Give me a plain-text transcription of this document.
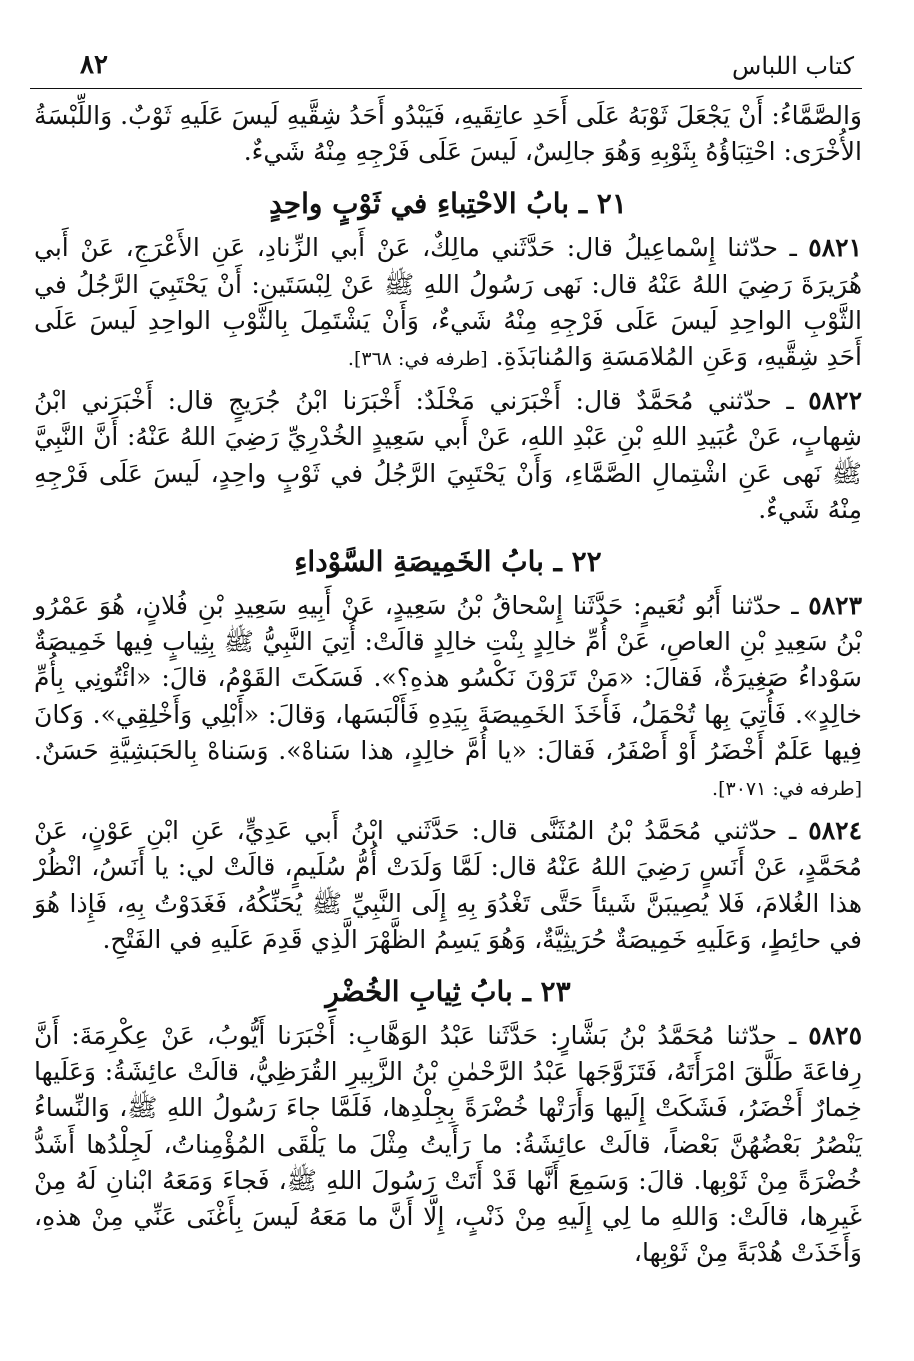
٨٢	كتاب اللباس

وَالصَّمَّاءُ: أَنْ يَجْعَلَ ثَوْبَهُ عَلَى أَحَدِ عاتِقَيهِ، فَيَبْدُو أَحَدُ شِقَّيهِ لَيسَ عَلَيهِ ثَوْبٌ. وَاللِّبْسَةُ الأُخْرَى: احْتِبَاؤُهُ بِثَوْبِهِ وَهُوَ جالِسٌ، لَيسَ عَلَى فَرْجِهِ مِنْهُ شَيءٌ.

٢١ ـ بابُ الاحْتِباءِ في ثَوْبٍ واحِدٍ

٥٨٢١ ـ حدّثنا إِسْماعِيلُ قال: حَدَّثَني مالِكٌ، عَنْ أَبي الزِّنادِ، عَنِ الأَعْرَجِ، عَنْ أَبي هُرَيرَةَ رَضِيَ اللهُ عَنْهُ قال: نَهى رَسُولُ اللهِ ﷺ عَنْ لِبْسَتَينِ: أَنْ يَحْتَبِيَ الرَّجُلُ في الثَّوْبِ الواحِدِ لَيسَ عَلَى فَرْجِهِ مِنْهُ شَيءٌ، وَأَنْ يَشْتَمِلَ بِالثَّوْبِ الواحِدِ لَيسَ عَلَى أَحَدِ شِقَّيهِ، وَعَنِ المُلامَسَةِ وَالمُنابَذَةِ. [طرفه في: ٣٦٨].

٥٨٢٢ ـ حدّثني مُحَمَّدٌ قال: أَخْبَرَني مَخْلَدٌ: أَخْبَرَنا ابْنُ جُرَيجٍ قال: أَخْبَرَني ابْنُ شِهابٍ، عَنْ عُبَيدِ اللهِ بْنِ عَبْدِ اللهِ، عَنْ أَبي سَعِيدٍ الخُدْرِيِّ رَضِيَ اللهُ عَنْهُ: أَنَّ النَّبِيَّ ﷺ نَهى عَنِ اشْتِمالِ الصَّمَّاءِ، وَأَنْ يَحْتَبِيَ الرَّجُلُ في ثَوْبٍ واحِدٍ، لَيسَ عَلَى فَرْجِهِ مِنْهُ شَيءٌ.

٢٢ ـ بابُ الخَمِيصَةِ السَّوْداءِ

٥٨٢٣ ـ حدّثنا أَبُو نُعَيمٍ: حَدَّثَنا إِسْحاقُ بْنُ سَعِيدٍ، عَنْ أَبِيهِ سَعِيدِ بْنِ فُلانٍ، هُوَ عَمْرُو بْنُ سَعِيدِ بْنِ العاصِ، عَنْ أُمِّ خالِدٍ بِنْتِ خالِدٍ قالَتْ: أُتِيَ النَّبِيُّ ﷺ بِثِيابٍ فِيها خَمِيصَةٌ سَوْداءُ صَغِيرَةٌ، فَقالَ: «مَنْ تَرَوْنَ نَكْسُو هذهِ؟». فَسَكَتَ القَوْمُ، قالَ: «ائْتُونِي بِأُمِّ خالِدٍ». فَأُتِيَ بِها تُحْمَلُ، فَأَخَذَ الخَمِيصَةَ بِيَدِهِ فَأَلْبَسَها، وَقالَ: «أَبْلِي وَأَخْلِقِي». وَكانَ فِيها عَلَمٌ أَخْضَرُ أَوْ أَصْفَرُ، فَقالَ: «يا أُمَّ خالِدٍ، هذا سَناهْ». وَسَناهْ بِالحَبَشِيَّةِ حَسَنٌ. [طرفه في: ٣٠٧١].

٥٨٢٤ ـ حدّثني مُحَمَّدُ بْنُ المُثَنَّى قال: حَدَّثَني ابْنُ أَبي عَدِيٍّ، عَنِ ابْنِ عَوْنٍ، عَنْ مُحَمَّدٍ، عَنْ أَنَسٍ رَضِيَ اللهُ عَنْهُ قال: لَمَّا وَلَدَتْ أُمُّ سُلَيمٍ، قالَتْ لي: يا أَنَسُ، انْظُرْ هذا الغُلامَ، فَلا يُصِيبَنَّ شَيئاً حَتَّى تَغْدُوَ بِهِ إِلَى النَّبِيِّ ﷺ يُحَنِّكُهُ، فَغَدَوْتُ بِهِ، فَإِذا هُوَ في حائِطٍ، وَعَلَيهِ خَمِيصَةٌ حُرَيثِيَّةٌ، وَهُوَ يَسِمُ الظَّهْرَ الَّذِي قَدِمَ عَلَيهِ في الفَتْحِ.

٢٣ ـ بابُ ثِيابِ الخُضْرِ

٥٨٢٥ ـ حدّثنا مُحَمَّدُ بْنُ بَشَّارٍ: حَدَّثَنا عَبْدُ الوَهَّابِ: أَخْبَرَنا أَيُّوبُ، عَنْ عِكْرِمَةَ: أَنَّ رِفاعَةَ طَلَّقَ امْرَأَتَهُ، فَتَزَوَّجَها عَبْدُ الرَّحْمٰنِ بْنُ الزَّبِيرِ القُرَظِيُّ، قالَتْ عائِشَةُ: وَعَلَيها خِمارٌ أَخْضَرُ، فَشَكَتْ إِلَيها وَأَرَتْها خُضْرَةً بِجِلْدِها، فَلَمَّا جاءَ رَسُولُ اللهِ ﷺ، وَالنِّساءُ يَنْصُرُ بَعْضُهُنَّ بَعْضاً، قالَتْ عائِشَةُ: ما رَأَيتُ مِثْلَ ما يَلْقَى المُؤْمِناتُ، لَجِلْدُها أَشَدُّ خُضْرَةً مِنْ ثَوْبِها. قالَ: وَسَمِعَ أَنَّها قَدْ أَتَتْ رَسُولَ اللهِ ﷺ، فَجاءَ وَمَعَهُ ابْنانِ لَهُ مِنْ غَيرِها، قالَتْ: وَاللهِ ما لِي إِلَيهِ مِنْ ذَنْبٍ، إِلَّا أَنَّ ما مَعَهُ لَيسَ بِأَغْنَى عَنِّي مِنْ هذهِ، وَأَخَذَتْ هُدْبَةً مِنْ ثَوْبِها،
